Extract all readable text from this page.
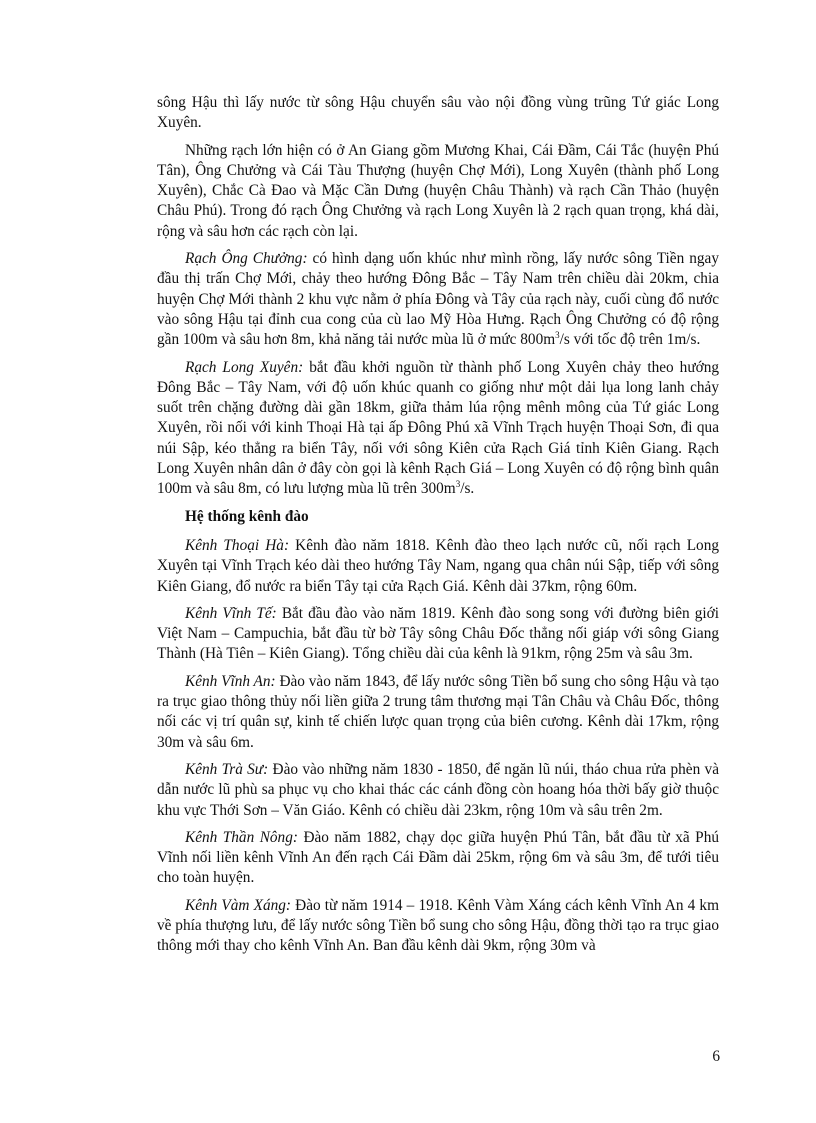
sông Hậu thì lấy nước từ sông Hậu chuyển sâu vào nội đồng vùng trũng Tứ giác Long Xuyên.

Những rạch lớn hiện có ở An Giang gồm Mương Khai, Cái Đầm, Cái Tắc (huyện Phú Tân), Ông Chưởng và Cái Tàu Thượng (huyện Chợ Mới), Long Xuyên (thành phố Long Xuyên), Chắc Cà Đao và Mặc Cần Dưng (huyện Châu Thành) và rạch Cần Thảo (huyện Châu Phú). Trong đó rạch Ông Chưởng và rạch Long Xuyên là 2 rạch quan trọng, khá dài, rộng và sâu hơn các rạch còn lại.

Rạch Ông Chưởng: có hình dạng uốn khúc như mình rồng, lấy nước sông Tiền ngay đầu thị trấn Chợ Mới, chảy theo hướng Đông Bắc – Tây Nam trên chiều dài 20km, chia huyện Chợ Mới thành 2 khu vực nằm ở phía Đông và Tây của rạch này, cuối cùng đổ nước vào sông Hậu tại đỉnh cua cong của cù lao Mỹ Hòa Hưng. Rạch Ông Chưởng có độ rộng gần 100m và sâu hơn 8m, khả năng tải nước mùa lũ ở mức $800m^3/s$ với tốc độ trên 1m/s.

Rạch Long Xuyên: bắt đầu khởi nguồn từ thành phố Long Xuyên chảy theo hướng Đông Bắc – Tây Nam, với độ uốn khúc quanh co giống như một dải lụa long lanh chảy suốt trên chặng đường dài gần 18km, giữa thảm lúa rộng mênh mông của Tứ giác Long Xuyên, rồi nối với kinh Thoại Hà tại ấp Đông Phú xã Vĩnh Trạch huyện Thoại Sơn, đi qua núi Sập, kéo thẳng ra biển Tây, nối với sông Kiên cửa Rạch Giá tỉnh Kiên Giang. Rạch Long Xuyên nhân dân ở đây còn gọi là kênh Rạch Giá – Long Xuyên có độ rộng bình quân 100m và sâu 8m, có lưu lượng mùa lũ trên $300m^3/s$.

Hệ thống kênh đào

Kênh Thoại Hà: Kênh đào năm 1818. Kênh đào theo lạch nước cũ, nối rạch Long Xuyên tại Vĩnh Trạch kéo dài theo hướng Tây Nam, ngang qua chân núi Sập, tiếp với sông Kiên Giang, đổ nước ra biển Tây tại cửa Rạch Giá. Kênh dài 37km, rộng 60m.

Kênh Vĩnh Tế: Bắt đầu đào vào năm 1819. Kênh đào song song với đường biên giới Việt Nam – Campuchia, bắt đầu từ bờ Tây sông Châu Đốc thẳng nối giáp với sông Giang Thành (Hà Tiên – Kiên Giang). Tổng chiều dài của kênh là 91km, rộng 25m và sâu 3m.

Kênh Vĩnh An: Đào vào năm 1843, để lấy nước sông Tiền bổ sung cho sông Hậu và tạo ra trục giao thông thủy nối liền giữa 2 trung tâm thương mại Tân Châu và Châu Đốc, thông nối các vị trí quân sự, kinh tế chiến lược quan trọng của biên cương. Kênh dài 17km, rộng 30m và sâu 6m.

Kênh Trà Sư: Đào vào những năm 1830 - 1850, để ngăn lũ núi, tháo chua rửa phèn và dẫn nước lũ phù sa phục vụ cho khai thác các cánh đồng còn hoang hóa thời bấy giờ thuộc khu vực Thới Sơn – Văn Giáo. Kênh có chiều dài 23km, rộng 10m và sâu trên 2m.

Kênh Thần Nông: Đào năm 1882, chạy dọc giữa huyện Phú Tân, bắt đầu từ xã Phú Vĩnh nối liền kênh Vĩnh An đến rạch Cái Đầm dài 25km, rộng 6m và sâu 3m, để tưới tiêu cho toàn huyện.

Kênh Vàm Xáng: Đào từ năm 1914 – 1918. Kênh Vàm Xáng cách kênh Vĩnh An 4 km về phía thượng lưu, để lấy nước sông Tiền bổ sung cho sông Hậu, đồng thời tạo ra trục giao thông mới thay cho kênh Vĩnh An. Ban đầu kênh dài 9km, rộng 30m và

6
